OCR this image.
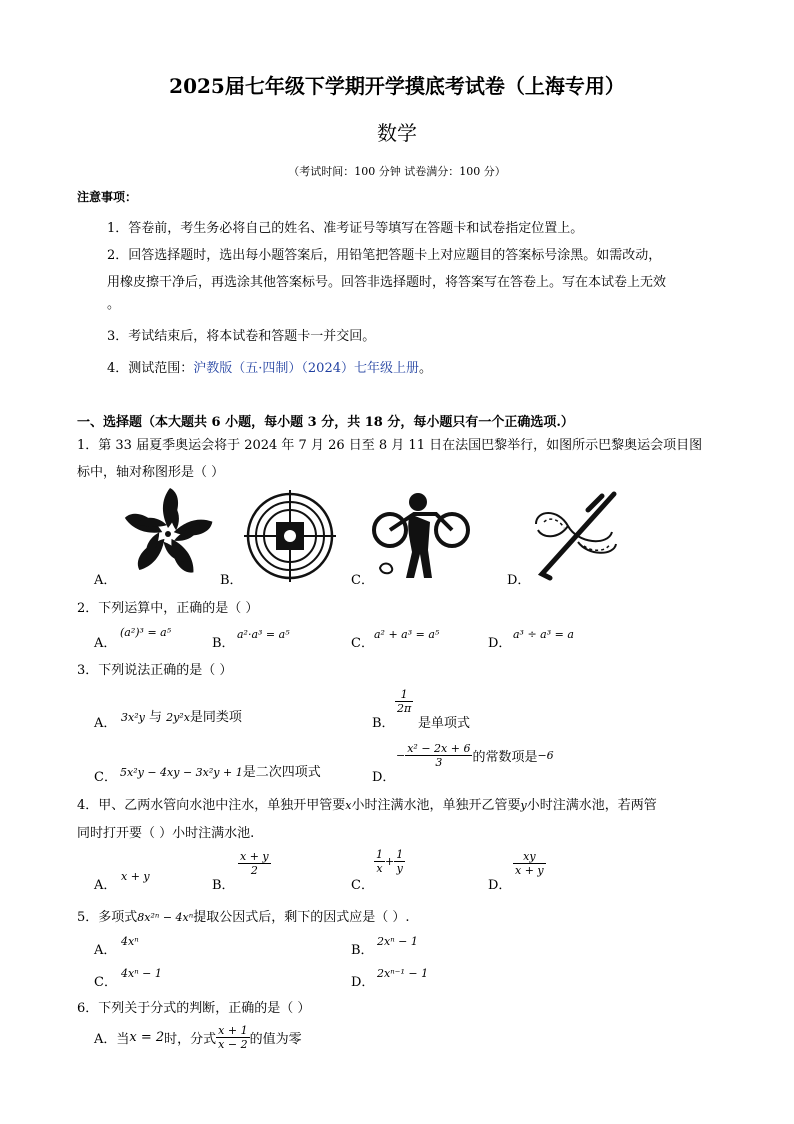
2025届七年级下学期开学摸底考试卷（上海专用）
数学
（考试时间：100 分钟 试卷满分：100 分）
注意事项：
1．答卷前，考生务必将自己的姓名、准考证号等填写在答题卡和试卷指定位置上。
2．回答选择题时，选出每小题答案后，用铅笔把答题卡上对应题目的答案标号涂黑。如需改动，
用橡皮擦干净后，再选涂其他答案标号。回答非选择题时，将答案写在答卷上。写在本试卷上无效
。
3．考试结束后，将本试卷和答题卡一并交回。
4．测试范围：沪教版（五·四制）（2024）七年级上册。
一、选择题（本大题共 6 小题，每小题 3 分，共 18 分，每小题只有一个正确选项.）
1．第 33 届夏季奥运会将于 2024 年 7 月 26 日至 8 月 11 日在法国巴黎举行，如图所示巴黎奥运会项目图
标中，轴对称图形是（ ）
A．	B．	C．	D．
2．下列运算中，正确的是（ ）
A．
(a²)³ = a⁵
B．
a²·a³ = a⁵
C．
a² + a³ = a⁵
D．
a³ ÷ a³ = a
3．下列说法正确的是（ ）
A． 3x²y 与 2y²x是同类项	B．
$\frac{1}{2\pi}$
是单项式
C． 5x²y − 4xy − 3x²y + 1是二次四项式	D．
− $\frac{\text{x² − 2x + 6}}{3}$ 的常数项是−6
4．甲、乙两水管向水池中注水，单独开甲管要x小时注满水池，单独开乙管要y小时注满水池，若两管
同时打开要（ ）小时注满水池.
A．
x + y
B．
$\frac{x + y}{2}$
C．
$\frac{1}{x} + \frac{1}{y}$
D．
$\frac{xy}{x + y}$
5．多项式8x²ⁿ − 4xⁿ提取公因式后，剩下的因式应是（ ）.
A．
4xⁿ
B．
2xⁿ − 1
C．
4xⁿ − 1
D．
2xⁿ⁻¹ − 1
6．下列关于分式的判断，正确的是（ ）
A．当x = 2时，分式 $\frac{x + 1}{x - 2}$ 的值为零
